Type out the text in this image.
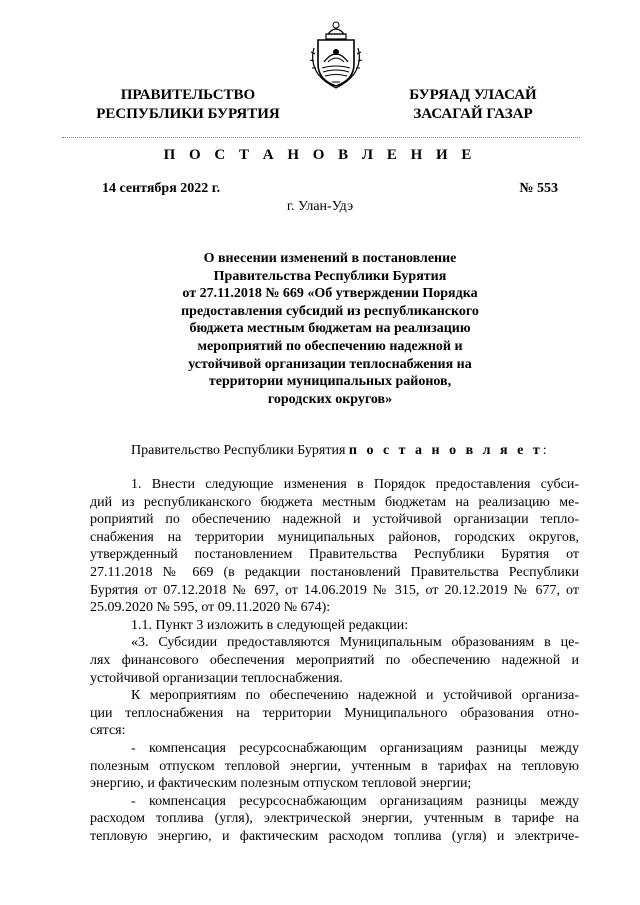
ПРАВИТЕЛЬСТВО
РЕСПУБЛИКИ БУРЯТИЯ
БУРЯАД УЛАСАЙ
ЗАСАГАЙ ГАЗАР
П О С Т А Н О В Л Е Н И Е
14 сентября 2022 г.	№ 553
г. Улан-Удэ
О внесении изменений в постановление
Правительства Республики Бурятия
от 27.11.2018 № 669 «Об утверждении Порядка
предоставления субсидий из республиканского
бюджета местным бюджетам на реализацию
мероприятий по обеспечению надежной и
устойчивой организации теплоснабжения на
территории муниципальных районов,
городских округов»
Правительство Республики Бурятия п о с т а н о в л я е т:
1. Внести следующие изменения в Порядок предоставления субси-
дий из республиканского бюджета местным бюджетам на реализацию ме-
роприятий по обеспечению надежной и устойчивой организации тепло-
снабжения на территории муниципальных районов, городских округов,
утвержденный постановлением Правительства Республики Бурятия от
27.11.2018 № 669 (в редакции постановлений Правительства Республики
Бурятия от 07.12.2018 № 697, от 14.06.2019 № 315, от 20.12.2019 № 677, от
25.09.2020 № 595, от 09.11.2020 № 674):
1.1. Пункт 3 изложить в следующей редакции:
«3. Субсидии предоставляются Муниципальным образованиям в це-
лях финансового обеспечения мероприятий по обеспечению надежной и
устойчивой организации теплоснабжения.
К мероприятиям по обеспечению надежной и устойчивой организа-
ции теплоснабжения на территории Муниципального образования отно-
сятся:
- компенсация ресурсоснабжающим организациям разницы между
полезным отпуском тепловой энергии, учтенным в тарифах на тепловую
энергию, и фактическим полезным отпуском тепловой энергии;
- компенсация ресурсоснабжающим организациям разницы между
расходом топлива (угля), электрической энергии, учтенным в тарифе на
тепловую энергию, и фактическим расходом топлива (угля) и электриче-
